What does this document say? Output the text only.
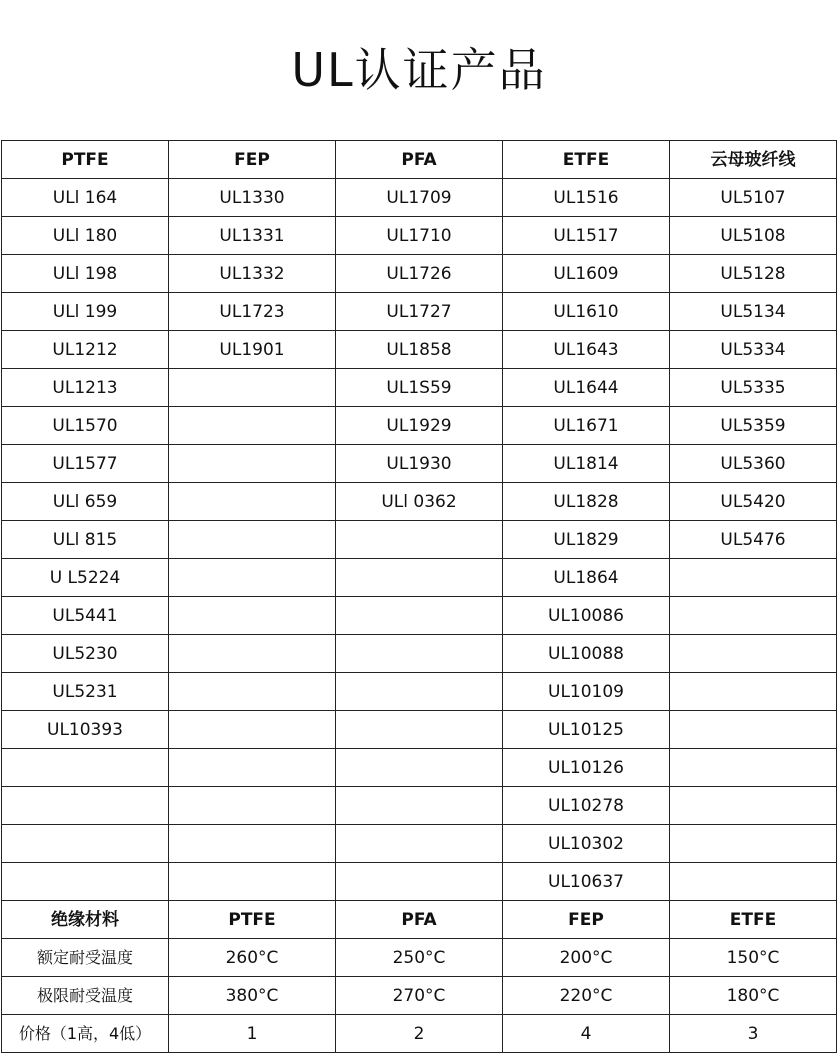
UL认证产品
PTFE	FEP	PFA	ETFE	云母玻纤线
ULl 164	UL1330	UL1709	UL1516	UL5107
ULl 180	UL1331	UL1710	UL1517	UL5108
ULl 198	UL1332	UL1726	UL1609	UL5128
ULl 199	UL1723	UL1727	UL1610	UL5134
UL1212	UL1901	UL1858	UL1643	UL5334
UL1213		UL1S59	UL1644	UL5335
UL1570		UL1929	UL1671	UL5359
UL1577		UL1930	UL1814	UL5360
ULl 659		ULl 0362	UL1828	UL5420
ULl 815			UL1829	UL5476
U L5224			UL1864	
UL5441			UL10086	
UL5230			UL10088	
UL5231			UL10109	
UL10393			UL10125	
			UL10126	
			UL10278	
			UL10302	
			UL10637	
绝缘材料	PTFE	PFA	FEP	ETFE
额定耐受温度	260°C	250°C	200°C	150°C
极限耐受温度	380°C	270°C	220°C	180°C
价格（1高，4低）	1	2	4	3
